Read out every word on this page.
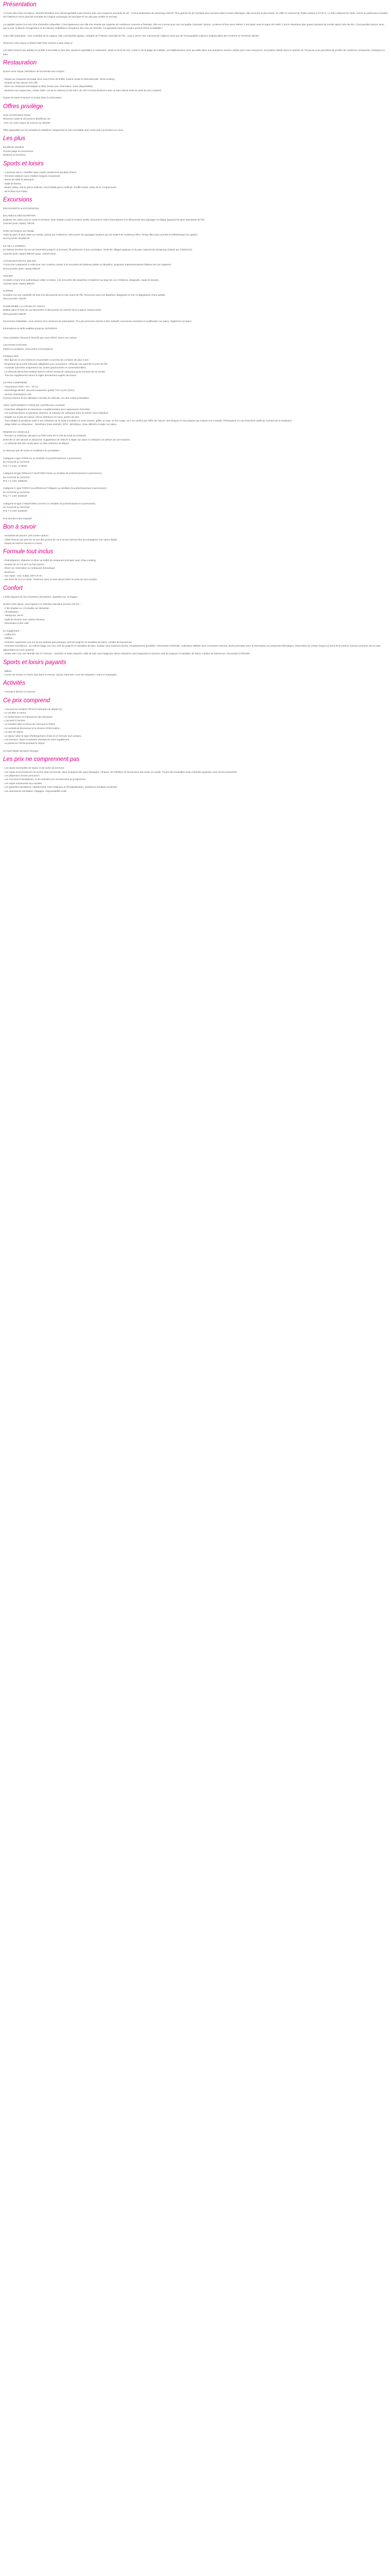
Présentation

À l'ouest des côtes du Maroc, Tenerife bénéficie d'un climat agréable toute l'année avec une moyenne annuelle de 22°, c'est la destination du printemps éternel. Plus grande île de l'archipel des Canaries dans l'océan Atlantique, elle est aussi la plus haute. En effet, le sommet du Teide culmine à 3718 m. Le Parc National du Teide, inscrit au patrimoine mondial de l'UNESCO est le plus bel exemple de l'origine volcanique de l'archipel et l'un des plus visités en Europe.

La capitale Santa Cruz est riche d'activités culturelles. C'est également une ville très vivante qui organise de nombreux concerts et festivals. Elle est connue pour son incroyable Carnaval: rythme, couleurs et fuse sans relever, il est placé sous le signe de l'oubli. C'est le deuxième plus grand carnaval du monde après celui de Rio. C'est pendant quinze jours que la joie, la liberté, l'imagination et les danses endiablées s'emparent des rues de Tenerife. Ce spectacle haut en couleur promet d'être inoubliable !

Autre ville importante : San Cristobal de la Laguna, ville cosmopolite typique, chargée de l'histoire coloniale de l'île ; vous y verrez des monuments religieux ainsi que de remarquables maisons seigneuriales des XVIIème et XVIIIème siècles.

Réservez votre séjour à l'hôtel Adult Only Hovima Costa Adeje 4*

Cet hôtel réservé aux adultes se profile à merveille à vivre des vacances agréables et relaxantes. Situé en bord de mer, à 200 m de la plage de Fañabe, cet établissement vous accueille dans une ambiance sereine, idéale pour vous ressourcer. Sa position idéale dans le quartier de Torviscas vous permettra de profiter de nombreux restaurants, boutiques et bars.

Restauration

Durant votre séjour, bénéficiez de la formule tout compris :

- Repas au restaurant principal servi sous forme de buffet, cuisine locale et internationale, show cooking.
- Snacks au bar piscine 11h-18h.
- Dîner au restaurant thématique le Blue Ocean (sur réservation, selon disponibilité).
- Boissons aux repas (eau, sodas, bière, vin de la maison) et aux bars, de 10h à minuit (boissons avec et sans alcool selon la carte du tout compris).

Repas de Noël et Nouvel An inclus dans la réservation.

Offres privilège

VOS AVANTAGES FRAM

Réservez avant le 31/10/19 et bénéficiez de :

-10% sur votre séjour du 1/11/19 au 30/4/20

Offre applicable sur les prestations hôtelières uniquement et non cumulable avec toute autre promotion en cours.

Les plus

Excellente situation

Proche plage et commerces

Moderne et lumineux

Sports et loisirs
- 2 piscines dont 1 chauffée selon météo (seulement pendant l'hiver).
- Terrasse solarium avec chaises longues et parasols.
- tennis de table et pétanque.
- Salle de fitness.
- Beach volley, tennis gazon artificiel, mini football gazon artificiel, shuffle board, camp de tir, croquet bowl.
- Wi-Fi libre tout l'hôtel.
Excursions

DÉCOUVERTE & EXCURSIONS

BALADES & DÉCOUVERTES

Explorez les côtes nord et ouest et mirobus, avec balade à pied à certains arrêts. Excursions 100% francophone à la découverte des paysages et village typiques les plus importants de l'île.

Journée (avec repas) 72EUR

PARC NATIONAL DU TEIDE

Visite du parc le plus visité au monde, classé par l'UNESCO. Découvrez les paysages lunaires qui ont inspiré de nombreux films. Temps libre pour prendre le téléphérique (en option).

Demi-journée 28,50EUR

ÎLE DE LA GOMERA

En bateau (environ 45 min de traversée) jusqu'à La Gomera, île préservée et peu touristique. Visite de villages typiques et du parc national de Garajonay (classé par l'UNESCO).

Journée (avec repas) 98EUR (pop). 74EUR (bus)

CATAMARAN ROYAL DELFIN

À bord d'un catamaran à voile pour une croisière, partez à la rencontre de baleines pilotes et dauphins, jusqu'aux impressionnantes falaises de Los Gigantes.

Demi-journée (avec repas) 59EUR

VOILIER

Croisière à bord d'un authentique voilier à moteur, à la rencontre des dauphins et baleines au large de Los Cristianos. Baignade, repas et sangria.

Journée (avec repas) 56EUR

FLIPPER

Croisière sur une caravelle de bois à la découverte de la côte ouest de l'île. Rencontre avec les dauphins. Baignade en mer et dégustation d'une paëlla.

Demi-journée 41EUR

RANDONNÉE LA LAGUNA ET ANAGA

Balade dans la forêt de Las Mercedes et découverte du marché de la Laguna. Niveau facile.

Demi-journée 53EUR

Excursions réalisables, sous réserve d'un minimum de participants. Prix par personne donnés à titre indicatif, excursions soumises à modification sur place, règlement sur place.

Informations et tarifs valables jusqu'au 31/10/2019

Vous souhaitez découvrir Tenerife par vous-même, louez une voiture:

LOCATION VOITURE

(Tarifs et conditions, réservation à l'inscription)

FORMALITÉS

- Être âgé de 21 ans minimum et posséder un permis de conduire de plus 2 ans.

- Empreinte de la carte bancaire obligatoire pour excursions. Véhicule non autorisé à sortir de l'île.

- Conduite autorisée uniquement sur routes goudronnées et conventionnelles.

- Le véhicule devra être restitué avec le même niveau de carburant qu'au moment de sa remise.

- Tous les suppléments seront à régler directement auprès du loueur.

LE PRIX COMPREND

- Assurances CDW - PAI - TP (1)

- Kilométrage illimité. Second conducteur gratuit TVA 13,5% (IGIC).

- Service d'assistance 24h.

(1)Sous réserve d'une utilisation normale du véhicule, sur des routes praticables.

AVEC SUPPLÉMENT À RÉGLER AUPRÈS DU LOUEUR

- Franchise obligatoire ou assurance complémentaire pour suppression franchise.

- Les contraventions et sanctions diverses, le manque de carburant entre la remise et la restitution.

- Dégâts sur le bas de caisse, rétros, intérieurs et roues, pertes de clés.

- Tous dégâts et accidents suite à une infraction de la route (conduite en sens inverse, griller un stop, un feu rouge, etc.) ou causés par l'effet de l'alcool, des drogues et narcotiques qui nuisent à la conduite. Péréquation en cas d'extrême subtil au moment de la restitution.

- Siège bébé ou rehausseur : 3EUR/jour (max 15EUR), GPS : 5EUR/jour, (max 35EUR) à régler sur place.

REMISE DU VÉHICULE

- Remise ou restitution aéroport ou hôtel entre 8h et 19h du lundi au vendredi.

Entre 8h et 13h samedi et dimanche. Supplément de 20EUR à régler sur place si restitution en dehors de ces horaires.

- Le véhicule doit être rendu dans un état conforme au départ.

Ci-dessous prix de vente et conditions du prestataire :

Catégorie A type FORD Ka ou similaire (3 portes/maximum 4 personnes) :

Du 01/11/18 au 31/10/19

Prix 7 X 24H: 217EUR

Catégorie B type RENAULT Clio/FORD Fiesta ou similaire (5 portes/maximum 5 personnes) :

Du 01/11/18 au 31/10/19

Prix 7 X 24H: 266EUR

Catégorie C type FORD Focus/RENAULT Mégane ou similaire (5 portes/maximum 5 personnes) :

Du 01/11/18 au 31/10/19

Prix 7 X 24H: 322EUR

Catégorie D type C-Max/FORD Connect ou similaire (5 portes/maximum 5 personnes) :

Du 01/11/18 au 31/10/19

Prix 7 X 24H: 462EUR

Prix donnés à titre indicatif.

Bon à savoir
- Serviettes de piscine: prêt contre caution.
- Hôtel réservé aux plus de 18 ans (les jeunes de 16 à 18 ans doivent être accompagnés d'un tuteur légal).
- Repas de Noël et Nouvel An inclus.
Formule tout inclus
- Petit-déjeuner, déjeuner et dîner au buffet du restaurant principal, avec show cooking.
- Snacks de 11 h à 18 h au bar piscine.
- Dîner sur réservation au restaurant thématique.
- Boissons :
- aux repas : eau, sodas, bière et vin.
- aux bars de 10 h à minuit : boissons avec et sans alcool selon la carte du tout compris.
Confort

L'hôtel dispose de 313 chambres climatisées, réparties sur 10 étages.

Durant votre séjour, vous logerez en chambre standard (environ 28 m²) :

- 2 lits simples ou 1 lit double sur demande.
- Climatisation.
- Téléphone, Wi-Fi.
- Salle de douche avec sèche-cheveux.
- Nécessaire à thé/ café.

En supplément :

- Coffre-fort.
- Minibar.
- Chambre supérieure vue sur la mer latérale panoramique, prêt de peignoir et sandales de bains, minibar de bienvenue.
- Chambre Excellence : au 10ème étage vue mer, prêt de peignoir et sandales de bain, minibar avec boissons (EUR), remplissement quotidien, nécessaire à thé/café, ordinateur tablette avec connexion internet, accès prioritaire pour la réservation au restaurant thématique, réservation de chaise longue au bord de la piscine, boisson premium de la carte (alimentaire du tout compris).
- Suites avec vue mer latérale (52 m² environ) : chambre et salon séparés, salle de bain avec baignoire (deux chambres sans baignoire) et douche, prêt de peignoir et sandales de bains, minibar de bienvenue, nécessaire à thé/café.
Sports et loisirs payants
- Billard.
- Centre de remise en forme spa (bain à remous, sauna, hammam, zone de relaxation, soins et massages.
Activités
- Animation diurne et nocturne.
Ce prix comprend
- L'accueil au comptoir FRAM à l'aéroport de départ (1).
- Le vol aller et retour.
- Le forfait bases et redevances des aéroports.
- L'accueil à l'arrivée.
- Le transfert aller et retour de l'aéroport à l'hôtel.
- La cocktail de bienvenue et la réunion d'information.
- La taxe de séjour.
- Le séjour selon le type d'hébergement choisi et en formule tout compris.
- Les services, taxes et activités mentionnés sans supplément.
- La présence FRAM pendant le séjour.

(1) Sauf départ aéroport étranger.

Les prix ne comprennent pas
- Les taxes éventuelles de séjour et de sortie du territoire.
- Les repas et les boissons non inclus dans la formule, dans la plupart des pays (Espagne, Afrique), les hôteliers ne fournissent pas d'eau en carafe. Toutes des bouteilles d'eau minérale payantes vous seront proposées.
- Les dépenses d'ordre personnel.
- Les excursions facultatives, et les activités non mentionnées au programme.
- Les repas mentionnés aux escales.
- Les garanties assistance, rapatriement, frais médicaux et d'hospitalisation, assistance juridique et pénale.
- Les assurances annulation, bagages, responsabilité civile.
